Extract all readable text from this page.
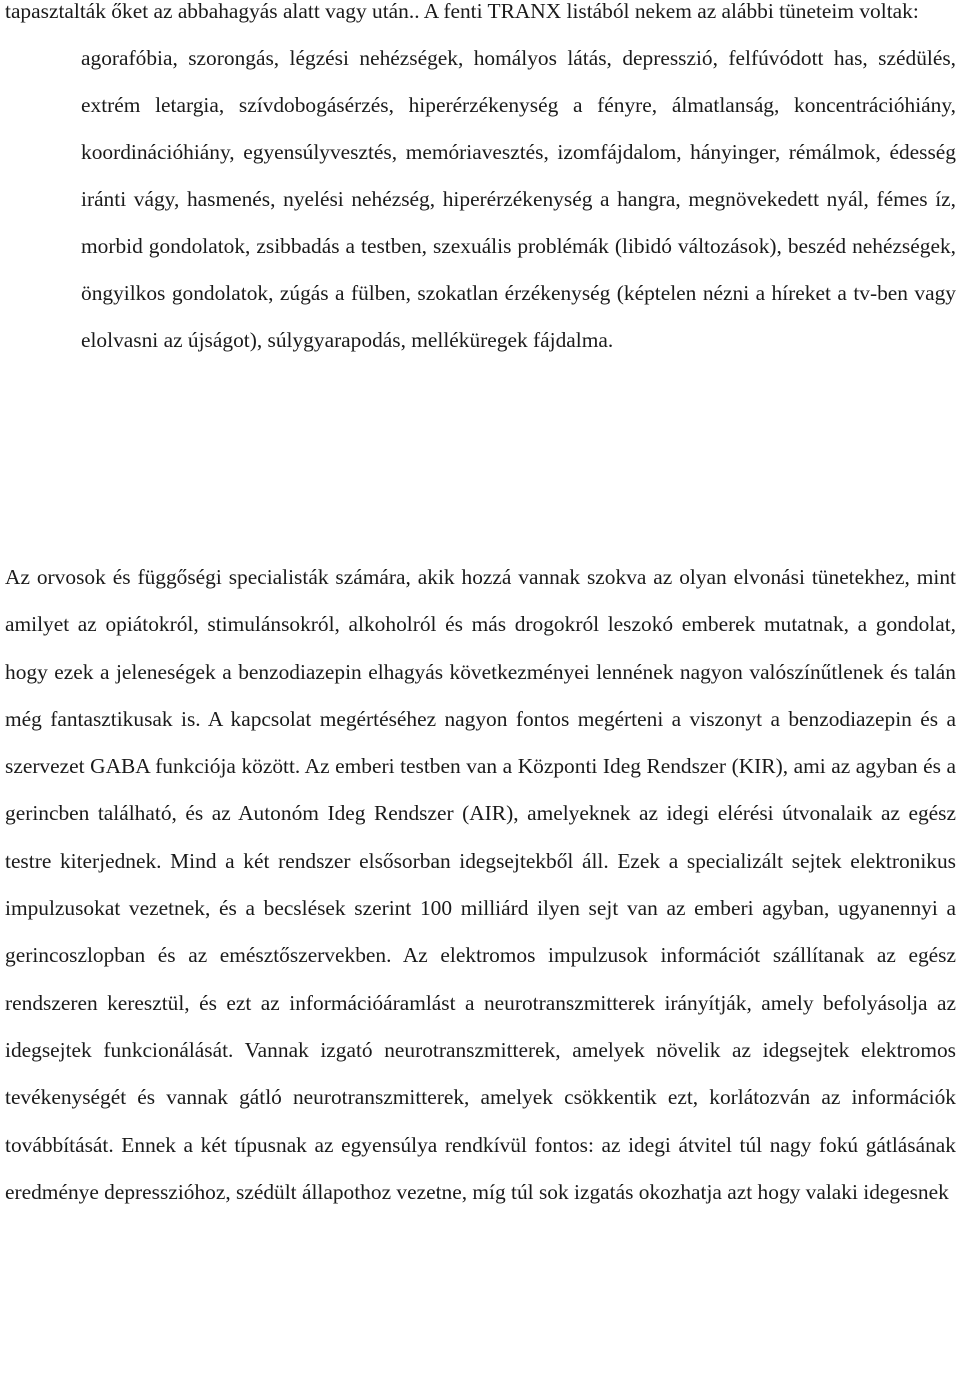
tapasztalták őket az abbahagyás alatt vagy után.. A fenti TRANX listából nekem az alábbi tüneteim voltak:
agorafóbia, szorongás, légzési nehézségek, homályos látás, depresszió, felfúvódott has, szédülés, extrém letargia, szívdobogásérzés, hiperérzékenység a fényre, álmatlanság, koncentrációhiány, koordinációhiány, egyensúlyvesztés, memóriavesztés, izomfájdalom, hányinger, rémálmok, édesség iránti vágy, hasmenés, nyelési nehézség, hiperérzékenység a hangra, megnövekedett nyál, fémes íz, morbid gondolatok, zsibbadás a testben, szexuális problémák (libidó változások), beszéd nehézségek, öngyilkos gondolatok, zúgás a fülben, szokatlan érzékenység (képtelen nézni a híreket a tv-ben vagy elolvasni az újságot), súlygyarapodás, melléküregek fájdalma.

Az orvosok és függőségi specialisták számára, akik hozzá vannak szokva az olyan elvonási tünetekhez, mint amilyet az opiátokról, stimulánsokról, alkoholról és más drogokról leszokó emberek mutatnak, a gondolat, hogy ezek a jeleneségek a benzodiazepin elhagyás következményei lennének nagyon valószínűtlenek és talán még fantasztikusak is. A kapcsolat megértéséhez nagyon fontos megérteni a viszonyt a benzodiazepin és a szervezet GABA funkciója között. Az emberi testben van a Központi Ideg Rendszer (KIR), ami az agyban és a gerincben található, és az Autonóm Ideg Rendszer (AIR), amelyeknek az idegi elérési útvonalaik az egész testre kiterjednek. Mind a két rendszer elsősorban idegsejtekből áll. Ezek a specializált sejtek elektronikus impulzusokat vezetnek, és a becslések szerint 100 milliárd ilyen sejt van az emberi agyban, ugyanennyi a gerincoszlopban és az emésztőszervekben. Az elektromos impulzusok információt szállítanak az egész rendszeren keresztül, és ezt az információáramlást a neurotranszmitterek irányítják, amely befolyásolja az idegsejtek funkcionálását. Vannak izgató neurotranszmitterek, amelyek növelik az idegsejtek elektromos tevékenységét és vannak gátló neurotranszmitterek, amelyek csökkentik ezt, korlátozván az információk továbbítását. Ennek a két típusnak az egyensúlya rendkívül fontos: az idegi átvitel túl nagy fokú gátlásának eredménye depresszióhoz, szédült állapothoz vezetne, míg túl sok izgatás okozhatja azt hogy valaki idegesnek
